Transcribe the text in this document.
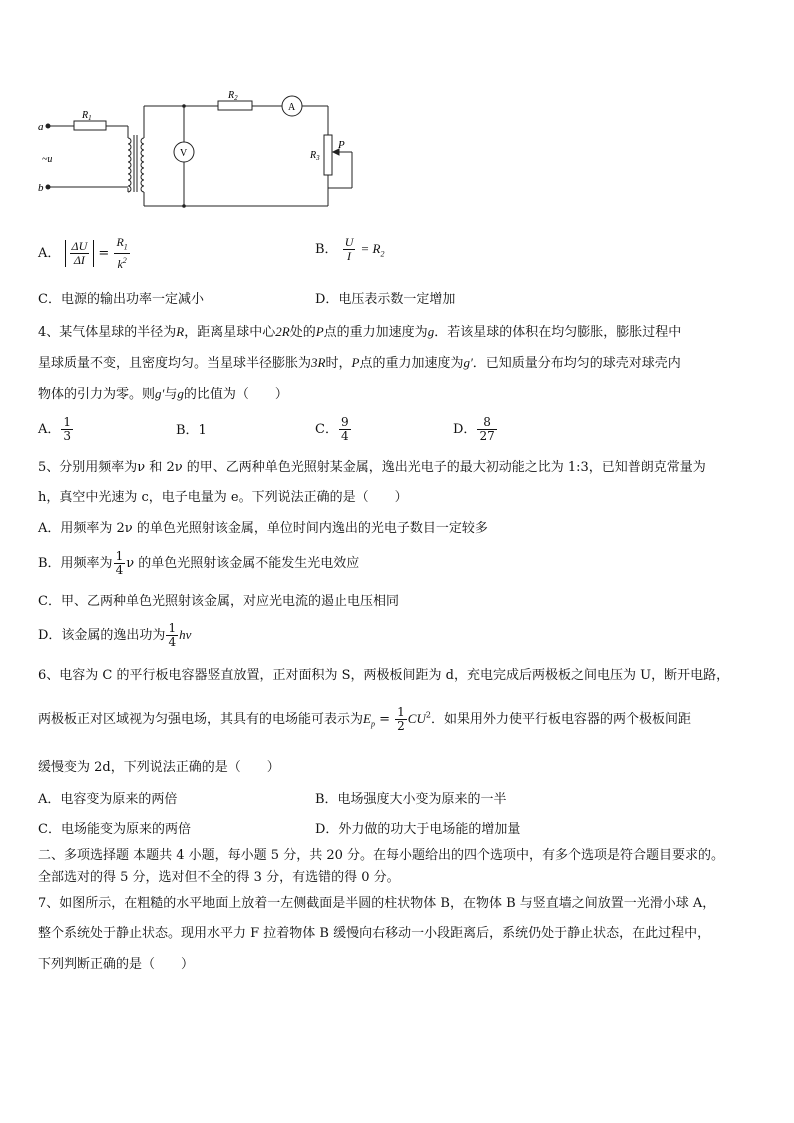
a
b
~u
$R_1$
$R_2$
$R_3$
P
V
A
A． $\frac{\Delta U}{\Delta I} = \frac{R_1}{k^2}$	B． $\frac{U}{I} = R_2$
C．电源的输出功率一定减小	D．电压表示数一定增加
4、某气体星球的半径为R，距离星球中心2R处的P点的重力加速度为g．若该星球的体积在均匀膨胀，膨胀过程中
星球质量不变，且密度均匀。当星球半径膨胀为3R时，P点的重力加速度为g′．已知质量分布均匀的球壳对球壳内
物体的引力为零。则g′与g的比值为（　　）
A． $\frac{1}{3}$	B．1	C． $\frac{9}{4}$	D． $\frac{8}{27}$
5、分别用频率为ν 和 2ν 的甲、乙两种单色光照射某金属，逸出光电子的最大初动能之比为 1:3，已知普朗克常量为
h，真空中光速为 c，电子电量为 e。下列说法正确的是（　　）
A．用频率为 2ν 的单色光照射该金属，单位时间内逸出的光电子数目一定较多
B．用频率为 $\frac{1}{4}$ ν 的单色光照射该金属不能发生光电效应
C．甲、乙两种单色光照射该金属，对应光电流的遏止电压相同
D．该金属的逸出功为 $\frac{1}{4}$ hν
6、电容为 C 的平行板电容器竖直放置，正对面积为 S，两极板间距为 d，充电完成后两极板之间电压为 U，断开电路，
两极板正对区域视为匀强电场，其具有的电场能可表示为$E_p = \frac{1}{2} CU^2$．如果用外力使平行板电容器的两个极板间距
缓慢变为 2d，下列说法正确的是（　　）
A．电容变为原来的两倍	B．电场强度大小变为原来的一半
C．电场能变为原来的两倍	D．外力做的功大于电场能的增加量
二、多项选择题 本题共 4 小题，每小题 5 分，共 20 分。在每小题给出的四个选项中，有多个选项是符合题目要求的。
全部选对的得 5 分，选对但不全的得 3 分，有选错的得 0 分。
7、如图所示，在粗糙的水平地面上放着一左侧截面是半圆的柱状物体 B，在物体 B 与竖直墙之间放置一光滑小球 A，
整个系统处于静止状态。现用水平力 F 拉着物体 B 缓慢向右移动一小段距离后，系统仍处于静止状态，在此过程中，
下列判断正确的是（　　）
